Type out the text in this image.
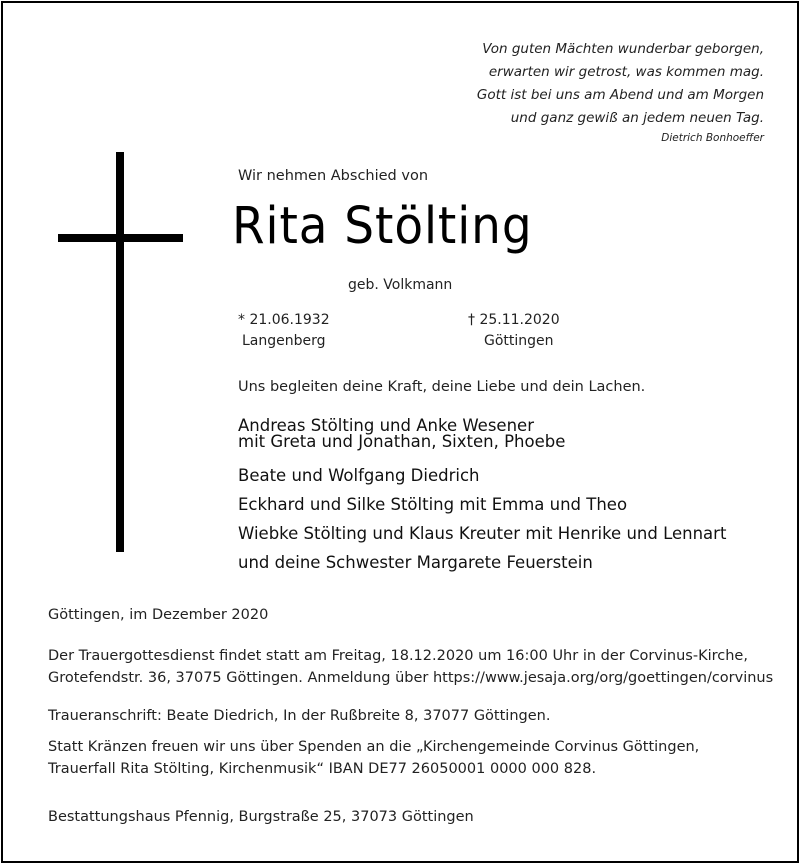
Von guten Mächten wunderbar geborgen,
erwarten wir getrost, was kommen mag.
Gott ist bei uns am Abend und am Morgen
und ganz gewiß an jedem neuen Tag.
Dietrich Bonhoeffer
Wir nehmen Abschied von
Rita Stölting
geb. Volkmann
* 21.06.1932
Langenberg
† 25.11.2020
Göttingen
Uns begleiten deine Kraft, deine Liebe und dein Lachen.
Andreas Stölting und Anke Wesener
mit Greta und Jonathan, Sixten, Phoebe
Beate und Wolfgang Diedrich
Eckhard und Silke Stölting mit Emma und Theo
Wiebke Stölting und Klaus Kreuter mit Henrike und Lennart
und deine Schwester Margarete Feuerstein
Göttingen, im Dezember 2020
Der Trauergottesdienst findet statt am Freitag, 18.12.2020 um 16:00 Uhr in der Corvinus-Kirche,
Grotefendstr. 36, 37075 Göttingen. Anmeldung über https://www.jesaja.org/org/goettingen/corvinus
Traueranschrift: Beate Diedrich, In der Rußbreite 8, 37077 Göttingen.
Statt Kränzen freuen wir uns über Spenden an die „Kirchengemeinde Corvinus Göttingen,
Trauerfall Rita Stölting, Kirchenmusik“ IBAN DE77 26050001 0000 000 828.
Bestattungshaus Pfennig, Burgstraße 25, 37073 Göttingen
